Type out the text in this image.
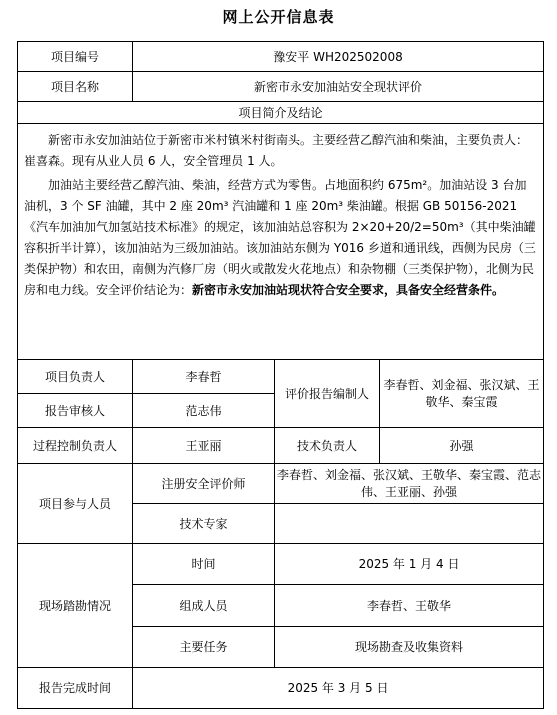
网上公开信息表
项目编号	豫安平 WH202502008		
项目名称	新密市永安加油站安全现状评价		
项目简介及结论			

新密市永安加油站位于新密市米村镇米村街南头。主要经营乙醇汽油和柴油，主要负责人：崔喜森。现有从业人员 6 人，安全管理员 1 人。

加油站主要经营乙醇汽油、柴油，经营方式为零售。占地面积约 675m²。加油站设 3 台加油机，3 个 SF 油罐，其中 2 座 20m³ 汽油罐和 1 座 20m³ 柴油罐。根据 GB 50156-2021《汽车加油加气加氢站技术标准》的规定，该加油站总容积为 2×20+20/2=50m³（其中柴油罐容积折半计算），该加油站为三级加油站。该加油站东侧为 Y016 乡道和通讯线，西侧为民房（三类保护物）和农田，南侧为汽修厂房（明火或散发火花地点）和杂物棚（三类保护物），北侧为民房和电力线。安全评价结论为：新密市永安加油站现状符合安全要求，具备安全经营条件。			

项目负责人	李春哲	评价报告编制人	李春哲、刘金福、张汉斌、王敬华、秦宝霞
报告审核人	范志伟		
过程控制负责人	王亚丽	技术负责人	孙强
项目参与人员	注册安全评价师	李春哲、刘金福、张汉斌、王敬华、秦宝霞、范志伟、王亚丽、孙强	
	技术专家		
现场踏勘情况	时间	2025 年 1 月 4 日	
	组成人员	李春哲、王敬华	
	主要任务	现场勘查及收集资料	
报告完成时间	2025 年 3 月 5 日		
